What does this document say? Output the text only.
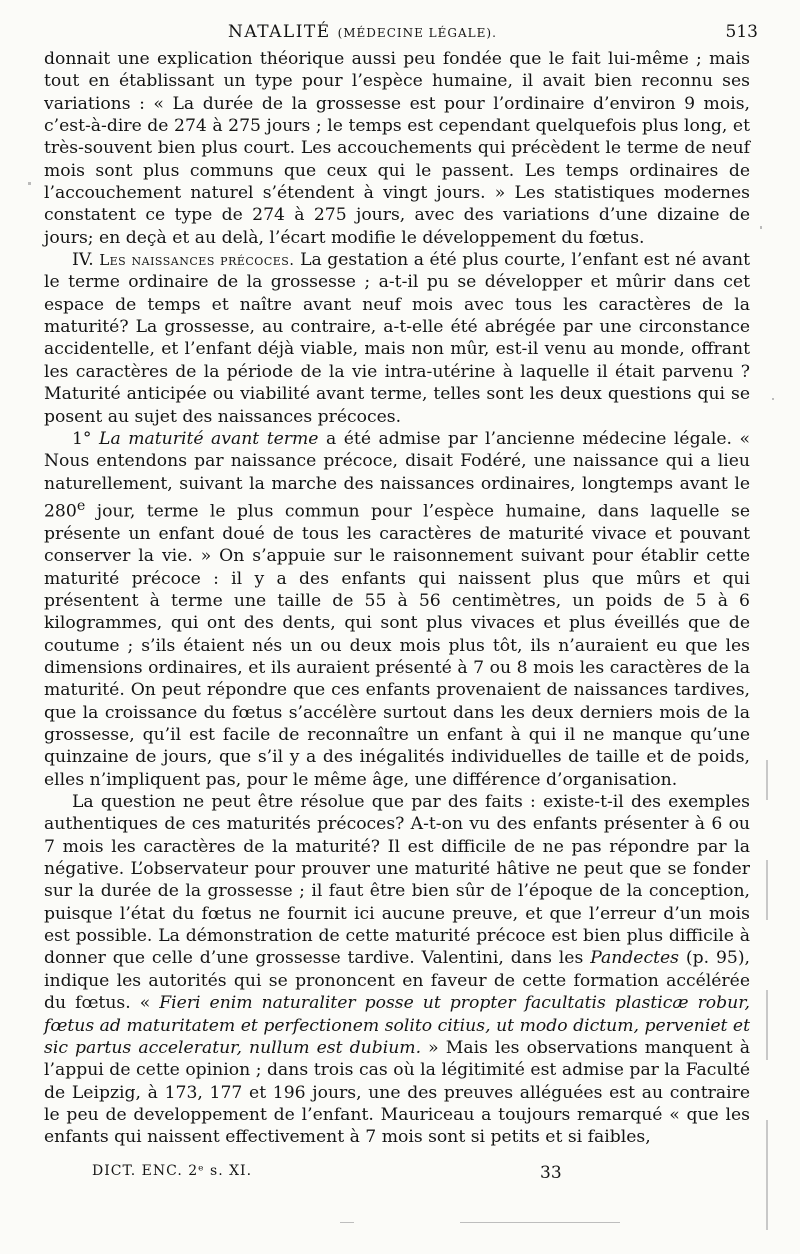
NATALITÉ (MÉDECINE LÉGALE).	513

donnait une explication théorique aussi peu fondée que le fait lui-même ; mais tout en établissant un type pour l’espèce humaine, il avait bien reconnu ses variations : « La durée de la grossesse est pour l’ordinaire d’environ 9 mois, c’est-à-dire de 274 à 275 jours ; le temps est cependant quelquefois plus long, et très-souvent bien plus court. Les accouchements qui précèdent le terme de neuf mois sont plus communs que ceux qui le passent. Les temps ordinaires de l’accouchement naturel s’étendent à vingt jours. » Les statistiques modernes constatent ce type de 274 à 275 jours, avec des variations d’une dizaine de jours; en deçà et au delà, l’écart modifie le développement du fœtus.

IV. Les naissances précoces. La gestation a été plus courte, l’enfant est né avant le terme ordinaire de la grossesse ; a-t-il pu se développer et mûrir dans cet espace de temps et naître avant neuf mois avec tous les caractères de la maturité? La grossesse, au contraire, a-t-elle été abrégée par une circonstance accidentelle, et l’enfant déjà viable, mais non mûr, est-il venu au monde, offrant les caractères de la période de la vie intra-utérine à laquelle il était parvenu ? Maturité anticipée ou viabilité avant terme, telles sont les deux questions qui se posent au sujet des naissances précoces.

1° La maturité avant terme a été admise par l’ancienne médecine légale. « Nous entendons par naissance précoce, disait Fodéré, une naissance qui a lieu naturellement, suivant la marche des naissances ordinaires, longtemps avant le 280e jour, terme le plus commun pour l’espèce humaine, dans laquelle se présente un enfant doué de tous les caractères de maturité vivace et pouvant conserver la vie. » On s’appuie sur le raisonnement suivant pour établir cette maturité précoce : il y a des enfants qui naissent plus que mûrs et qui présentent à terme une taille de 55 à 56 centimètres, un poids de 5 à 6 kilogrammes, qui ont des dents, qui sont plus vivaces et plus éveillés que de coutume ; s’ils étaient nés un ou deux mois plus tôt, ils n’auraient eu que les dimensions ordinaires, et ils auraient présenté à 7 ou 8 mois les caractères de la maturité. On peut répondre que ces enfants provenaient de naissances tardives, que la croissance du fœtus s’accélère surtout dans les deux derniers mois de la grossesse, qu’il est facile de reconnaître un enfant à qui il ne manque qu’une quinzaine de jours, que s’il y a des inégalités individuelles de taille et de poids, elles n’impliquent pas, pour le même âge, une différence d’organisation.

La question ne peut être résolue que par des faits : existe-t-il des exemples authentiques de ces maturités précoces? A-t-on vu des enfants présenter à 6 ou 7 mois les caractères de la maturité? Il est difficile de ne pas répondre par la négative. L’observateur pour prouver une maturité hâtive ne peut que se fonder sur la durée de la grossesse ; il faut être bien sûr de l’époque de la conception, puisque l’état du fœtus ne fournit ici aucune preuve, et que l’erreur d’un mois est possible. La démonstration de cette maturité précoce est bien plus difficile à donner que celle d’une grossesse tardive. Valentini, dans les Pandectes (p. 95), indique les autorités qui se prononcent en faveur de cette formation accélérée du fœtus. « Fieri enim naturaliter posse ut propter facultatis plasticæ robur, fœtus ad maturitatem et perfectionem solito citius, ut modo dictum, perveniet et sic partus acceleratur, nullum est dubium. » Mais les observations manquent à l’appui de cette opinion ; dans trois cas où la légitimité est admise par la Faculté de Leipzig, à 173, 177 et 196 jours, une des preuves alléguées est au contraire le peu de developpement de l’enfant. Mauriceau a toujours remarqué « que les enfants qui naissent effectivement à 7 mois sont si petits et si faibles,

DICT. ENC. 2ᵉ s. XI.	33
